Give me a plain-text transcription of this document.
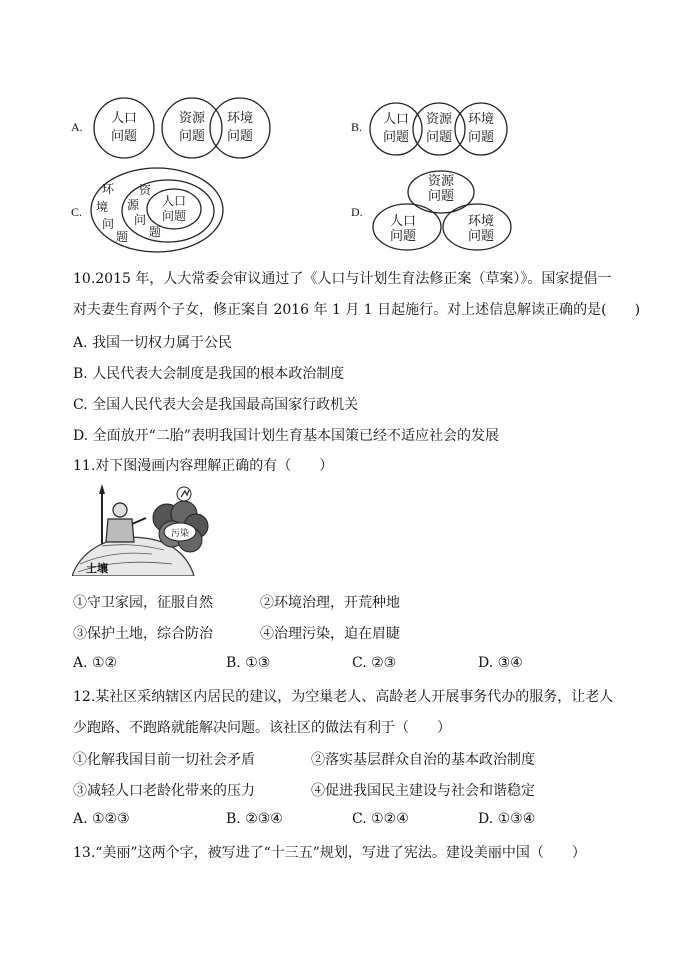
A.
人口
问题
资源
问题
环境
问题
B. 人口
问题
资源
问题
环境
问题
C.
环
境
问
题
资
源
问
题
人口
问题	D.
资源
问题
人口
问题
环境
问题
10.2015 年，人大常委会审议通过了《人口与计划生育法修正案（草案）》。国家提倡一
对夫妻生育两个子女，修正案自 2016 年 1 月 1 日起施行。对上述信息解读正确的是(　　)
A. 我国一切权力属于公民
B. 人民代表大会制度是我国的根本政治制度
C. 全国人民代表大会是我国最高国家行政机关
D. 全面放开“二胎”表明我国计划生育基本国策已经不适应社会的发展
11.对下图漫画内容理解正确的有（　　）
污染
土壤
①守卫家园，征服自然	②环境治理，开荒种地
③保护土地，综合防治	④治理污染，迫在眉睫
A. ①②	B. ①③	C. ②③	D. ③④
12.某社区采纳辖区内居民的建议，为空巢老人、高龄老人开展事务代办的服务，让老人
少跑路、不跑路就能解决问题。该社区的做法有利于（　　）
①化解我国目前一切社会矛盾	②落实基层群众自治的基本政治制度
③减轻人口老龄化带来的压力	④促进我国民主建设与社会和谐稳定
A. ①②③	B. ②③④	C. ①②④	D. ①③④
13.“美丽”这两个字，被写进了“十三五”规划，写进了宪法。建设美丽中国（　　）
